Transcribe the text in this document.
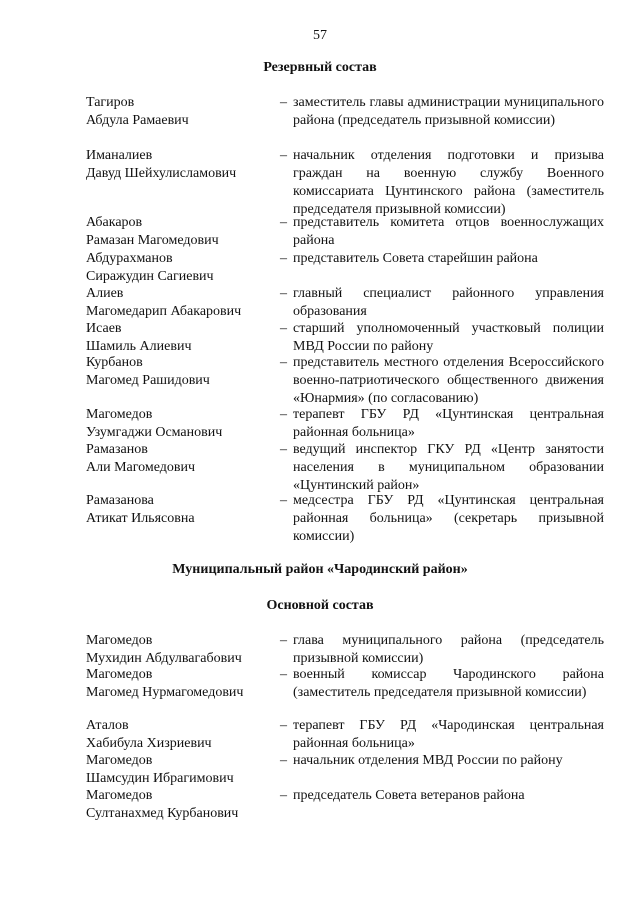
57
Резервный состав
Тагиров
Абдула Рамаевич
– заместитель главы администрации муниципального района (председатель призывной комиссии)
Иманалиев
Давуд Шейхулисламович
– начальник отделения подготовки и призыва граждан на военную службу Военного комиссариата Цунтинского района (заместитель председателя призывной комиссии)
Абакаров
Рамазан Магомедович
– представитель комитета отцов военнослужащих района
Абдурахманов
Сиражудин Сагиевич
– представитель Совета старейшин района
Алиев
Магомедарип Абакарович
– главный специалист районного управления образования
Исаев
Шамиль Алиевич
– старший уполномоченный участковый полиции МВД России по району
Курбанов
Магомед Рашидович
– представитель местного отделения Всероссийского военно-патриотического общественного движения «Юнармия» (по согласованию)
Магомедов
Узумгаджи Османович
– терапевт ГБУ РД «Цунтинская центральная районная больница»
Рамазанов
Али Магомедович
– ведущий инспектор ГКУ РД «Центр занятости населения в муниципальном образовании «Цунтинский район»
Рамазанова
Атикат Ильясовна
– медсестра ГБУ РД «Цунтинская центральная районная больница» (секретарь призывной комиссии)
Муниципальный район «Чародинский район»
Основной состав
Магомедов
Мухидин Абдулвагабович
– глава муниципального района (председатель призывной комиссии)
Магомедов
Магомед Нурмагомедович
– военный комиссар Чародинского района (заместитель председателя призывной комиссии)
Аталов
Хабибула Хизриевич
– терапевт ГБУ РД «Чародинская центральная районная больница»
Магомедов
Шамсудин Ибрагимович
– начальник отделения МВД России по району
Магомедов
Султанахмед Курбанович
– председатель Совета ветеранов района
